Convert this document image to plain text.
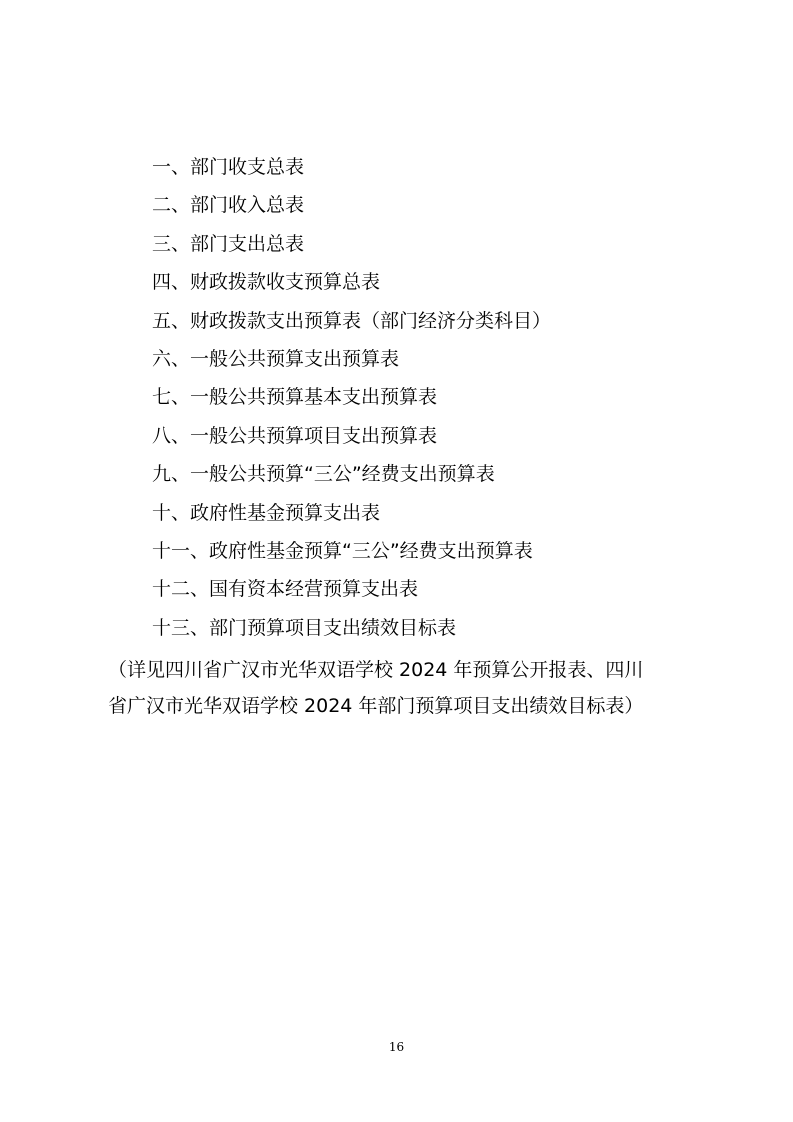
一、部门收支总表
二、部门收入总表
三、部门支出总表
四、财政拨款收支预算总表
五、财政拨款支出预算表（部门经济分类科目）
六、一般公共预算支出预算表
七、一般公共预算基本支出预算表
八、一般公共预算项目支出预算表
九、一般公共预算“三公”经费支出预算表
十、政府性基金预算支出表
十一、政府性基金预算“三公”经费支出预算表
十二、国有资本经营预算支出表
十三、部门预算项目支出绩效目标表
（详见四川省广汉市光华双语学校 2024 年预算公开报表、四川
省广汉市光华双语学校 2024 年部门预算项目支出绩效目标表）
16
